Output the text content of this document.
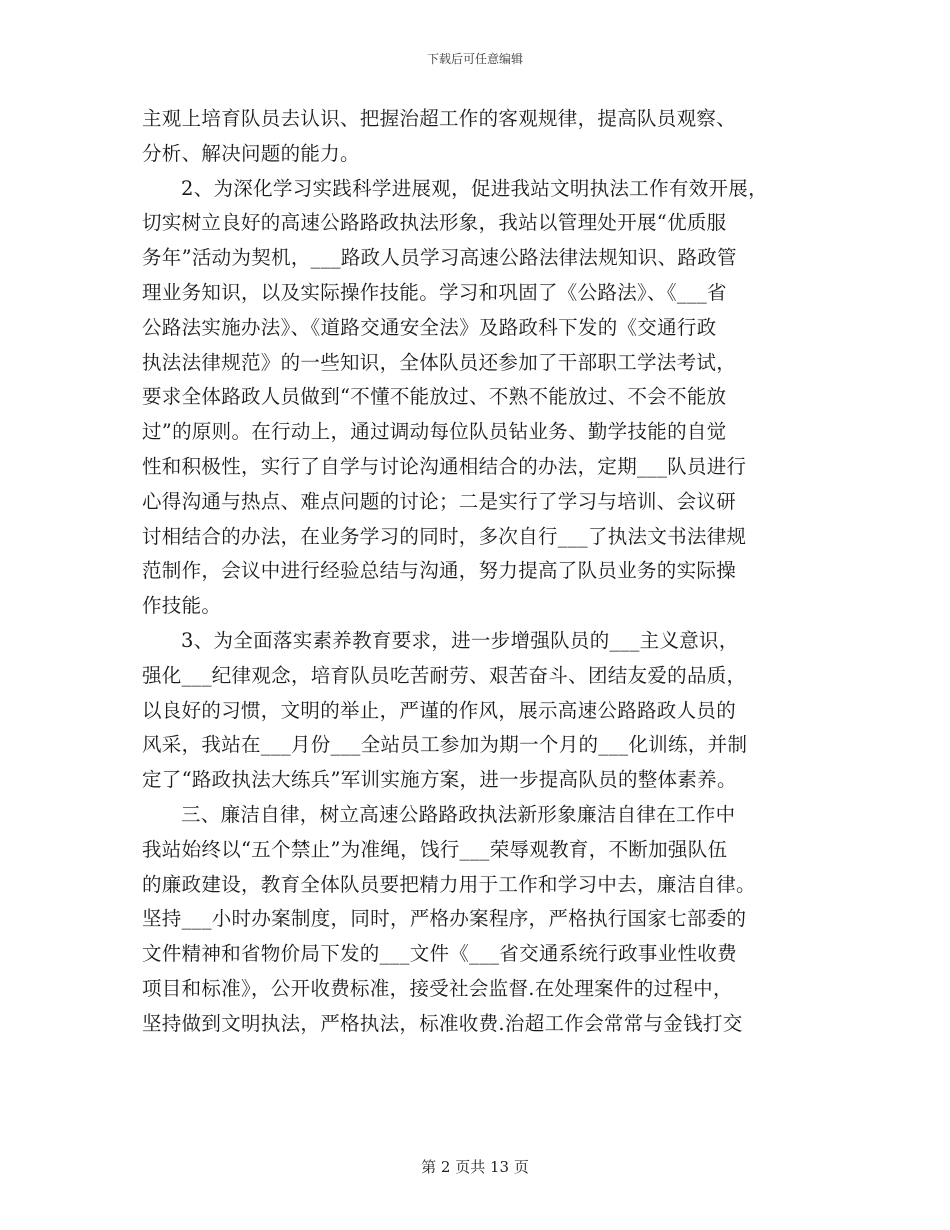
下载后可任意编辑
主观上培育队员去认识、把握治超工作的客观规律，提高队员观察、
分析、解决问题的能力。
2、为深化学习实践科学进展观，促进我站文明执法工作有效开展，
切实树立良好的高速公路路政执法形象，我站以管理处开展“优质服
务年”活动为契机，___路政人员学习高速公路法律法规知识、路政管
理业务知识，以及实际操作技能。学习和巩固了《公路法》、《___省
公路法实施办法》、《道路交通安全法》及路政科下发的《交通行政
执法法律规范》的一些知识，全体队员还参加了干部职工学法考试，
要求全体路政人员做到“不懂不能放过、不熟不能放过、不会不能放
过”的原则。在行动上，通过调动每位队员钻业务、勤学技能的自觉
性和积极性，实行了自学与讨论沟通相结合的办法，定期___队员进行
心得沟通与热点、难点问题的讨论；二是实行了学习与培训、会议研
讨相结合的办法，在业务学习的同时，多次自行___了执法文书法律规
范制作，会议中进行经验总结与沟通，努力提高了队员业务的实际操
作技能。
3、为全面落实素养教育要求，进一步增强队员的___主义意识，
强化___纪律观念，培育队员吃苦耐劳、艰苦奋斗、团结友爱的品质，
以良好的习惯，文明的举止，严谨的作风，展示高速公路路政人员的
风采，我站在___月份___全站员工参加为期一个月的___化训练，并制
定了“路政执法大练兵”军训实施方案，进一步提高队员的整体素养。
三、廉洁自律，树立高速公路路政执法新形象廉洁自律在工作中
我站始终以“五个禁止”为准绳，饯行___荣辱观教育，不断加强队伍
的廉政建设，教育全体队员要把精力用于工作和学习中去，廉洁自律。
坚持___小时办案制度，同时，严格办案程序，严格执行国家七部委的
文件精神和省物价局下发的___文件《___省交通系统行政事业性收费
项目和标准》，公开收费标准，接受社会监督.在处理案件的过程中，
坚持做到文明执法，严格执法，标准收费.治超工作会常常与金钱打交
第 2 页共 13 页
